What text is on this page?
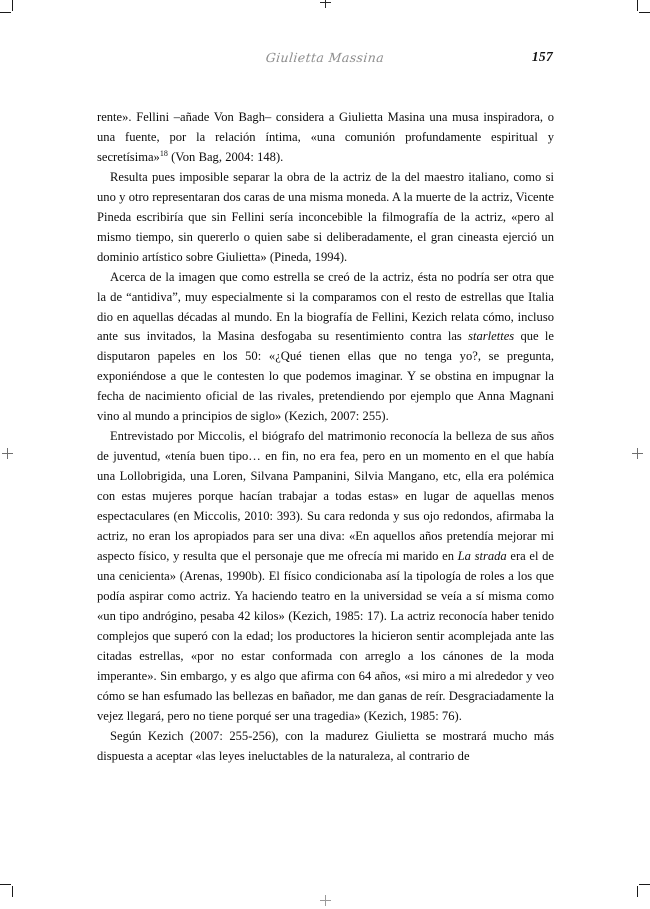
Giulietta Massina	157

rente». Fellini –añade Von Bagh– considera a Giulietta Masina una musa inspiradora, o una fuente, por la relación íntima, «una comunión profundamente espiritual y secretísima»$^{18}$ (Von Bag, 2004: 148).

Resulta pues imposible separar la obra de la actriz de la del maestro italiano, como si uno y otro representaran dos caras de una misma moneda. A la muerte de la actriz, Vicente Pineda escribiría que sin Fellini sería inconcebible la filmografía de la actriz, «pero al mismo tiempo, sin quererlo o quien sabe si deliberadamente, el gran cineasta ejerció un dominio artístico sobre Giulietta» (Pineda, 1994).

Acerca de la imagen que como estrella se creó de la actriz, ésta no podría ser otra que la de “antidiva”, muy especialmente si la comparamos con el resto de estrellas que Italia dio en aquellas décadas al mundo. En la biografía de Fellini, Kezich relata cómo, incluso ante sus invitados, la Masina desfogaba su resentimiento contra las starlettes que le disputaron papeles en los 50: «¿Qué tienen ellas que no tenga yo?, se pregunta, exponiéndose a que le contesten lo que podemos imaginar. Y se obstina en impugnar la fecha de nacimiento oficial de las rivales, pretendiendo por ejemplo que Anna Magnani vino al mundo a principios de siglo» (Kezich, 2007: 255).

Entrevistado por Miccolis, el biógrafo del matrimonio reconocía la belleza de sus años de juventud, «tenía buen tipo… en fin, no era fea, pero en un momento en el que había una Lollobrigida, una Loren, Silvana Pampanini, Silvia Mangano, etc, ella era polémica con estas mujeres porque hacían trabajar a todas estas» en lugar de aquellas menos espectaculares (en Miccolis, 2010: 393). Su cara redonda y sus ojo redondos, afirmaba la actriz, no eran los apropiados para ser una diva: «En aquellos años pretendía mejorar mi aspecto físico, y resulta que el personaje que me ofrecía mi marido en La strada era el de una cenicienta» (Arenas, 1990b). El físico condicionaba así la tipología de roles a los que podía aspirar como actriz. Ya haciendo teatro en la universidad se veía a sí misma como «un tipo andrógino, pesaba 42 kilos» (Kezich, 1985: 17). La actriz reconocía haber tenido complejos que superó con la edad; los productores la hicieron sentir acomplejada ante las citadas estrellas, «por no estar conformada con arreglo a los cánones de la moda imperante». Sin embargo, y es algo que afirma con 64 años, «si miro a mi alrededor y veo cómo se han esfumado las bellezas en bañador, me dan ganas de reír. Desgraciadamente la vejez llegará, pero no tiene porqué ser una tragedia» (Kezich, 1985: 76).

Según Kezich (2007: 255-256), con la madurez Giulietta se mostrará mucho más dispuesta a aceptar «las leyes ineluctables de la naturaleza, al contrario de
